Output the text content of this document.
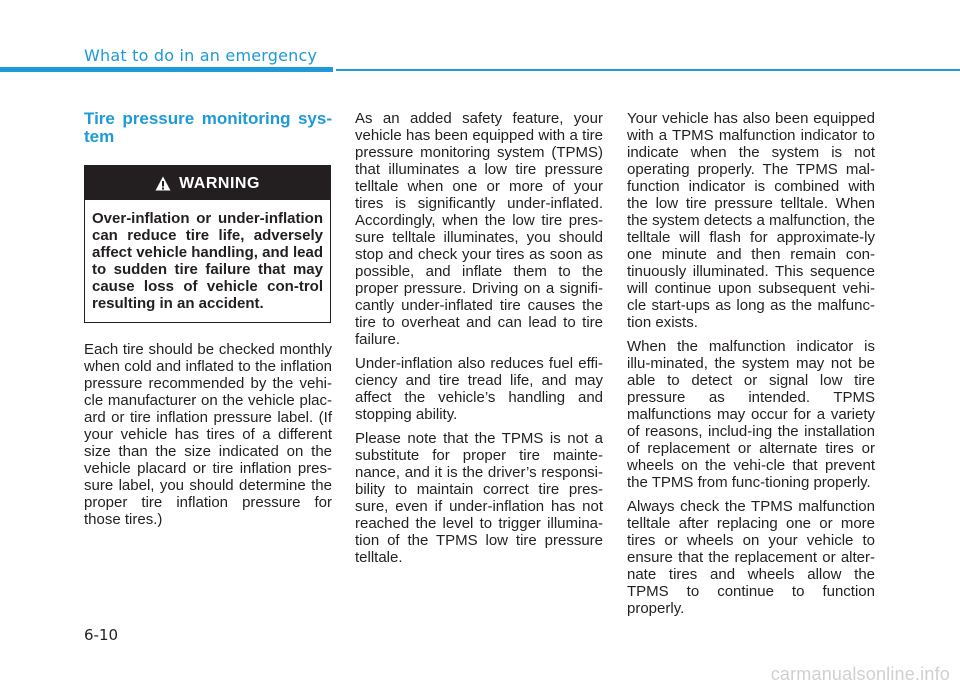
What to do in an emergency
Tire pressure monitoring sys-tem
WARNING
Over-inflation or under-inflation can reduce tire life, adversely affect vehicle handling, and lead to sudden tire failure that may cause loss of vehicle con-trol resulting in an accident.

Each tire should be checked monthly when cold and inflated to the inflation pressure recommended by the vehi-cle manufacturer on the vehicle plac-ard or tire inflation pressure label. (If your vehicle has tires of a different size than the size indicated on the vehicle placard or tire inflation pres-sure label, you should determine the proper tire inflation pressure for those tires.)

As an added safety feature, your vehicle has been equipped with a tire pressure monitoring system (TPMS) that illuminates a low tire pressure telltale when one or more of your tires is significantly under-inflated. Accordingly, when the low tire pres-sure telltale illuminates, you should stop and check your tires as soon as possible, and inflate them to the proper pressure. Driving on a signifi-cantly under-inflated tire causes the tire to overheat and can lead to tire failure.

Under-inflation also reduces fuel effi-ciency and tire tread life, and may affect the vehicle’s handling and stopping ability.

Please note that the TPMS is not a substitute for proper tire mainte-nance, and it is the driver’s responsi-bility to maintain correct tire pres-sure, even if under-inflation has not reached the level to trigger illumina-tion of the TPMS low tire pressure telltale.

Your vehicle has also been equipped with a TPMS malfunction indicator to indicate when the system is not operating properly. The TPMS mal-function indicator is combined with the low tire pressure telltale. When the system detects a malfunction, the telltale will flash for approximate-ly one minute and then remain con-tinuously illuminated. This sequence will continue upon subsequent vehi-cle start-ups as long as the malfunc-tion exists.

When the malfunction indicator is illu-minated, the system may not be able to detect or signal low tire pressure as intended. TPMS malfunctions may occur for a variety of reasons, includ-ing the installation of replacement or alternate tires or wheels on the vehi-cle that prevent the TPMS from func-tioning properly.

Always check the TPMS malfunction telltale after replacing one or more tires or wheels on your vehicle to ensure that the replacement or alter-nate tires and wheels allow the TPMS to continue to function properly.

6-10
carmanualsonline.info
